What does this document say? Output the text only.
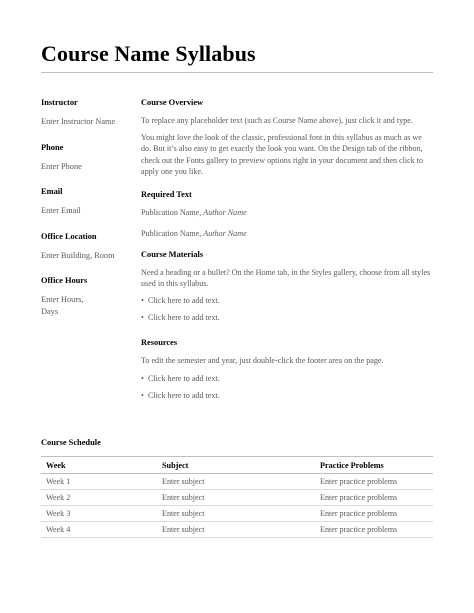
Course Name Syllabus
Instructor
Enter Instructor Name
Phone
Enter Phone
Email
Enter Email
Office Location
Enter Building, Room
Office Hours
Enter Hours,
Days
Course Overview

To replace any placeholder text (such as Course Name above), just click it and type.

You might love the look of the classic, professional font in this syllabus as much as we do. But it’s also easy to get exactly the look you want. On the Design tab of the ribbon, check out the Fonts gallery to preview options right in your document and then click to apply one you like.

Required Text
Publication Name, Author Name
Publication Name, Author Name
Course Materials

Need a heading or a bullet? On the Home tab, in the Styles gallery, choose from all styles used in this syllabus.

• Click here to add text.
• Click here to add text.
Resources

To edit the semester and year, just double-click the footer area on the page.

• Click here to add text.
• Click here to add text.
Course Schedule
Week	Subject	Practice Problems
Week 1	Enter subject	Enter practice problems
Week 2	Enter subject	Enter practice problems
Week 3	Enter subject	Enter practice problems
Week 4	Enter subject	Enter practice problems
